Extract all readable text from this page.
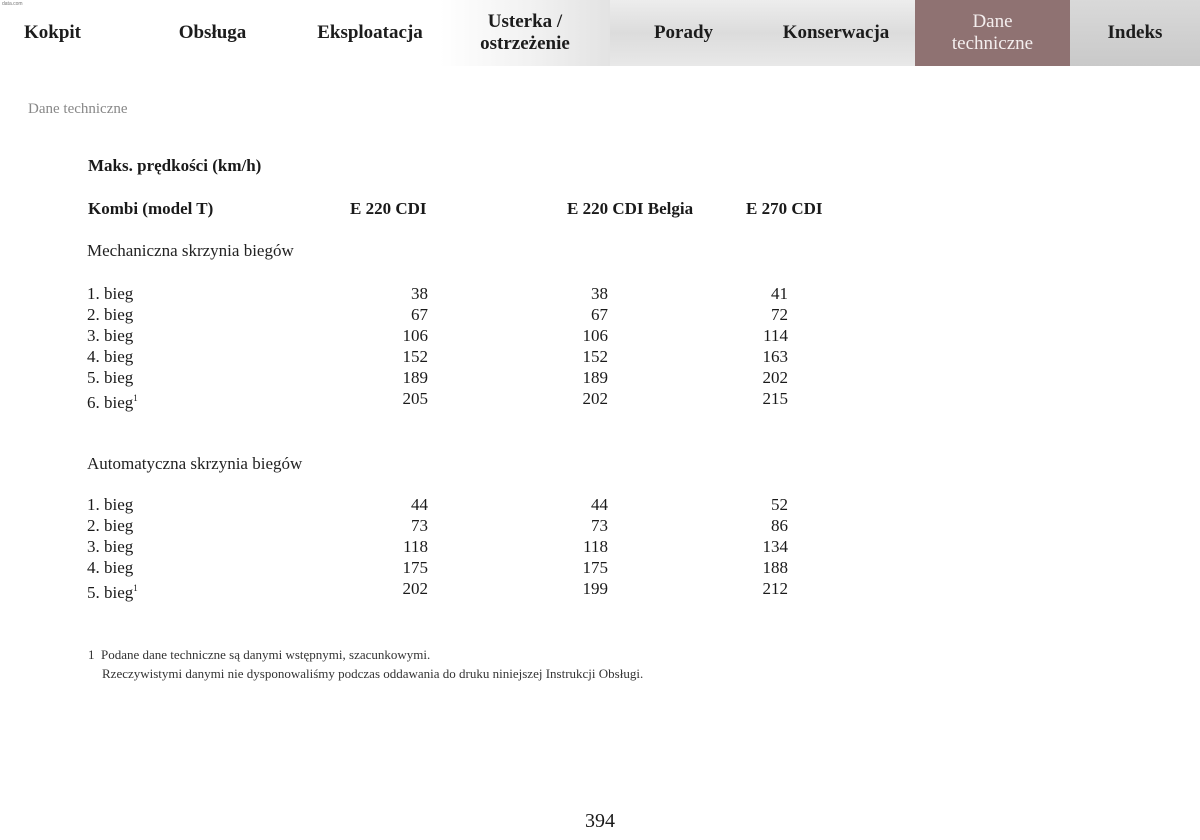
data.com
Kokpit	Obsługa	Eksploatacja
Usterka /
ostrzeżenie
Porady	Konserwacja
Dane
techniczne
Indeks
Dane techniczne
Maks. prędkości (km/h)
Kombi (model T)	E 220 CDI	E 220 CDI Belgia	E 270 CDI
Mechaniczna skrzynia biegów
1. bieg	38	38	41
2. bieg	67	67	72
3. bieg	106	106	114
4. bieg	152	152	163
5. bieg	189	189	202
6. bieg$^1$	205	202	215
Automatyczna skrzynia biegów
1. bieg	44	44	52
2. bieg	73	73	86
3. bieg	118	118	134
4. bieg	175	175	188
5. bieg$^1$	202	199	212
1 Podane dane techniczne są danymi wstępnymi, szacunkowymi.
Rzeczywistymi danymi nie dysponowaliśmy podczas oddawania do druku niniejszej Instrukcji Obsługi.
394
